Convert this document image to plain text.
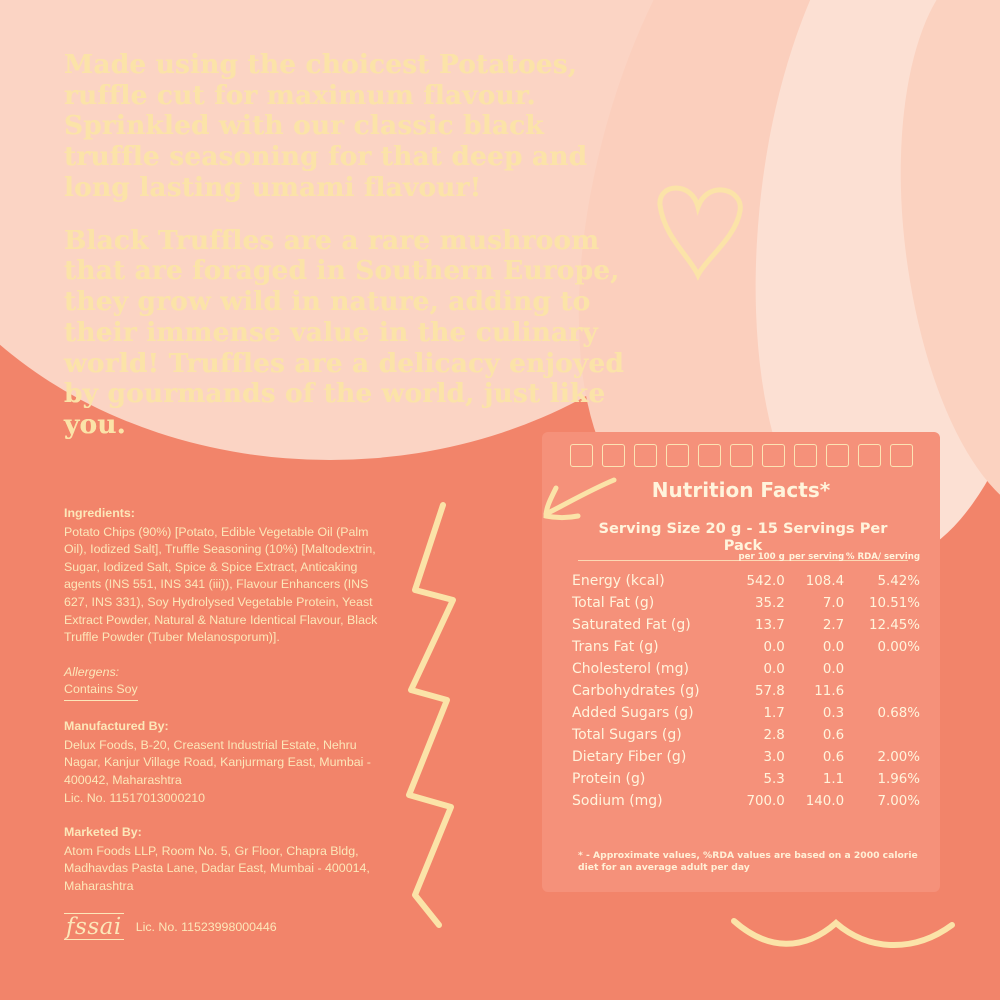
Made using the choicest Potatoes, ruffle cut for maximum flavour. Sprinkled with our classic black truffle seasoning for that deep and long lasting umami flavour!

Black Truffles are a rare mushroom that are foraged in Southern Europe, they grow wild in nature, adding to their immense value in the culinary world! Truffles are a delicacy enjoyed by gourmands of the world, just like you.

Ingredients:
Potato Chips (90%) [Potato, Edible Vegetable Oil (Palm Oil), Iodized Salt], Truffle Seasoning (10%) [Maltodextrin, Sugar, Iodized Salt, Spice & Spice Extract, Anticaking agents (INS 551, INS 341 (iii)), Flavour Enhancers (INS 627, INS 331), Soy Hydrolysed Vegetable Protein, Yeast Extract Powder, Natural & Nature Identical Flavour, Black Truffle Powder (Tuber Melanosporum)].
Allergens:
Contains Soy
Manufactured By:
Delux Foods, B-20, Creasent Industrial Estate, Nehru Nagar, Kanjur Village Road, Kanjurmarg East, Mumbai - 400042, Maharashtra
Lic. No. 11517013000210
Marketed By:
Atom Foods LLP, Room No. 5, Gr Floor, Chapra Bldg, Madhavdas Pasta Lane, Dadar East, Mumbai - 400014, Maharashtra
fssai Lic. No. 11523998000446
Nutrition Facts*
Serving Size 20 g - 15 Servings Per Pack
	per 100 g	per serving	% RDA/ serving
Energy (kcal)	542.0	108.4	5.42%
Total Fat (g)	35.2	7.0	10.51%
Saturated Fat (g)	13.7	2.7	12.45%
Trans Fat (g)	0.0	0.0	0.00%
Cholesterol (mg)	0.0	0.0	
Carbohydrates (g)	57.8	11.6	
Added Sugars (g)	1.7	0.3	0.68%
Total Sugars (g)	2.8	0.6	
Dietary Fiber (g)	3.0	0.6	2.00%
Protein (g)	5.3	1.1	1.96%
Sodium (mg)	700.0	140.0	7.00%
* - Approximate values, %RDA values are based on a 2000 calorie diet for an average adult per day
